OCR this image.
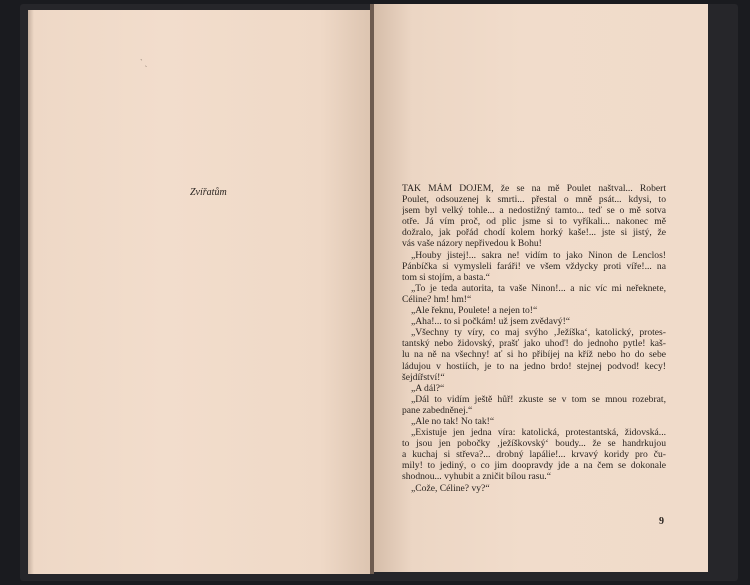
ˋ ˎ
Zvířatům	TAK MÁM DOJEM, že se na mě Poulet naštval... Robert
Poulet, odsouzenej k smrti... přestal o mně psát... kdysi, to
jsem byl velký tohle... a nedostižný tamto... teď se o mě sotva
otře. Já vím proč, od plic jsme si to vyříkali... nakonec mě
dožralo, jak pořád chodí kolem horký kaše!... jste si jistý, že
vás vaše názory nepřivedou k Bohu!
„Houby jistej!... sakra ne! vidím to jako Ninon de Lenclos!
Pánbíčka si vymysleli faráři! ve všem vždycky proti víře!... na
tom si stojím, a basta.“
„To je teda autorita, ta vaše Ninon!... a nic víc mi neřeknete,
Céline? hm! hm!“
„Ale řeknu, Poulete! a nejen to!“
„Aha!... to si počkám! už jsem zvědavý!“
„Všechny ty víry, co maj svýho ‚Ježíška‘, katolický, protes-
tantský nebo židovský, prašť jako uhoď! do jednoho pytle! kaš-
lu na ně na všechny! ať si ho přibíjej na kříž nebo ho do sebe
ládujou v hostiích, je to na jedno brdo! stejnej podvod! kecy!
šejdířství!“
„A dál?“
„Dál to vidím ještě hůř! zkuste se v tom se mnou rozebrat,
pane zabedněnej.“
„Ale no tak! No tak!“
„Existuje jen jedna víra: katolická, protestantská, židovská...
to jsou jen pobočky ‚ježíškovský‘ boudy... že se handrkujou
a kuchaj si střeva?... drobný lapálie!... krvavý koridy pro ču-
mily! to jediný, o co jim doopravdy jde a na čem se dokonale
shodnou... vyhubit a zničit bílou rasu.“
„Cože, Céline? vy?“
9
